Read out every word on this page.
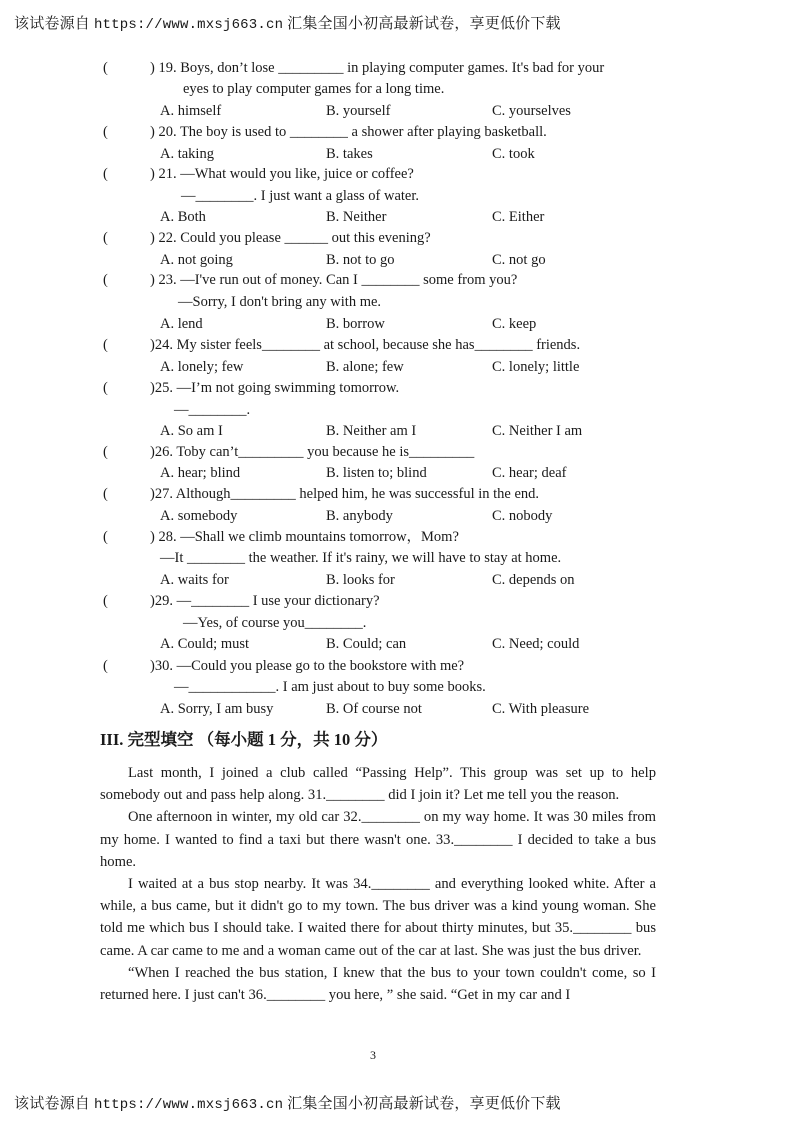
该试卷源自 https://www.mxsj663.cn 汇集全国小初高最新试卷，享更低价下载
(	) 19. Boys, don’t lose _________ in playing computer games. It's bad for your
eyes to play computer games for a long time.
A. himself	B. yourself	C. yourselves
(	) 20. The boy is used to ________ a shower after playing basketball.
A. taking	B. takes	C. took
(	) 21. —What would you like, juice or coffee?
—________. I just want a glass of water.
A. Both	B. Neither	C. Either
(	) 22. Could you please ______ out this evening?
A. not going	B. not to go	C. not go
(	) 23. —I've run out of money. Can I ________ some from you?
—Sorry, I don't bring any with me.
A. lend	B. borrow	C. keep
(	)24. My sister feels________ at school, because she has________ friends.
A. lonely; few	B. alone; few	C. lonely; little
(	)25. —I’m not going swimming tomorrow.
—________.
A. So am I	B. Neither am I	C. Neither I am
(	)26. Toby can’t_________ you because he is_________
A. hear; blind	B. listen to; blind	C. hear; deaf
(	)27. Although_________ helped him, he was successful in the end.
A. somebody	B. anybody	C. nobody
(	) 28. —Shall we climb mountains tomorrow，Mom?
—It ________ the weather. If it's rainy, we will have to stay at home.
A. waits for	B. looks for	C. depends on
(	)29. —________ I use your dictionary?
—Yes, of course you________.
A. Could; must	B. Could; can	C. Need; could
(	)30. —Could you please go to the bookstore with me?
—____________. I am just about to buy some books.
A. Sorry, I am busy	B. Of course not	C. With pleasure
III. 完型填空 （每小题 1 分，共 10 分）

Last month, I joined a club called “Passing Help”. This group was set up to help somebody out and pass help along. 31.________ did I join it? Let me tell you the reason.

One afternoon in winter, my old car 32.________ on my way home. It was 30 miles from my home. I wanted to find a taxi but there wasn't one. 33.________ I decided to take a bus home.

I waited at a bus stop nearby. It was 34.________ and everything looked white. After a while, a bus came, but it didn't go to my town. The bus driver was a kind young woman. She told me which bus I should take. I waited there for about thirty minutes, but 35.________ bus came. A car came to me and a woman came out of the car at last. She was just the bus driver.

“When I reached the bus station, I knew that the bus to your town couldn't come, so I returned here. I just can't 36.________ you here, ” she said. “Get in my car and I

3
该试卷源自 https://www.mxsj663.cn 汇集全国小初高最新试卷，享更低价下载
